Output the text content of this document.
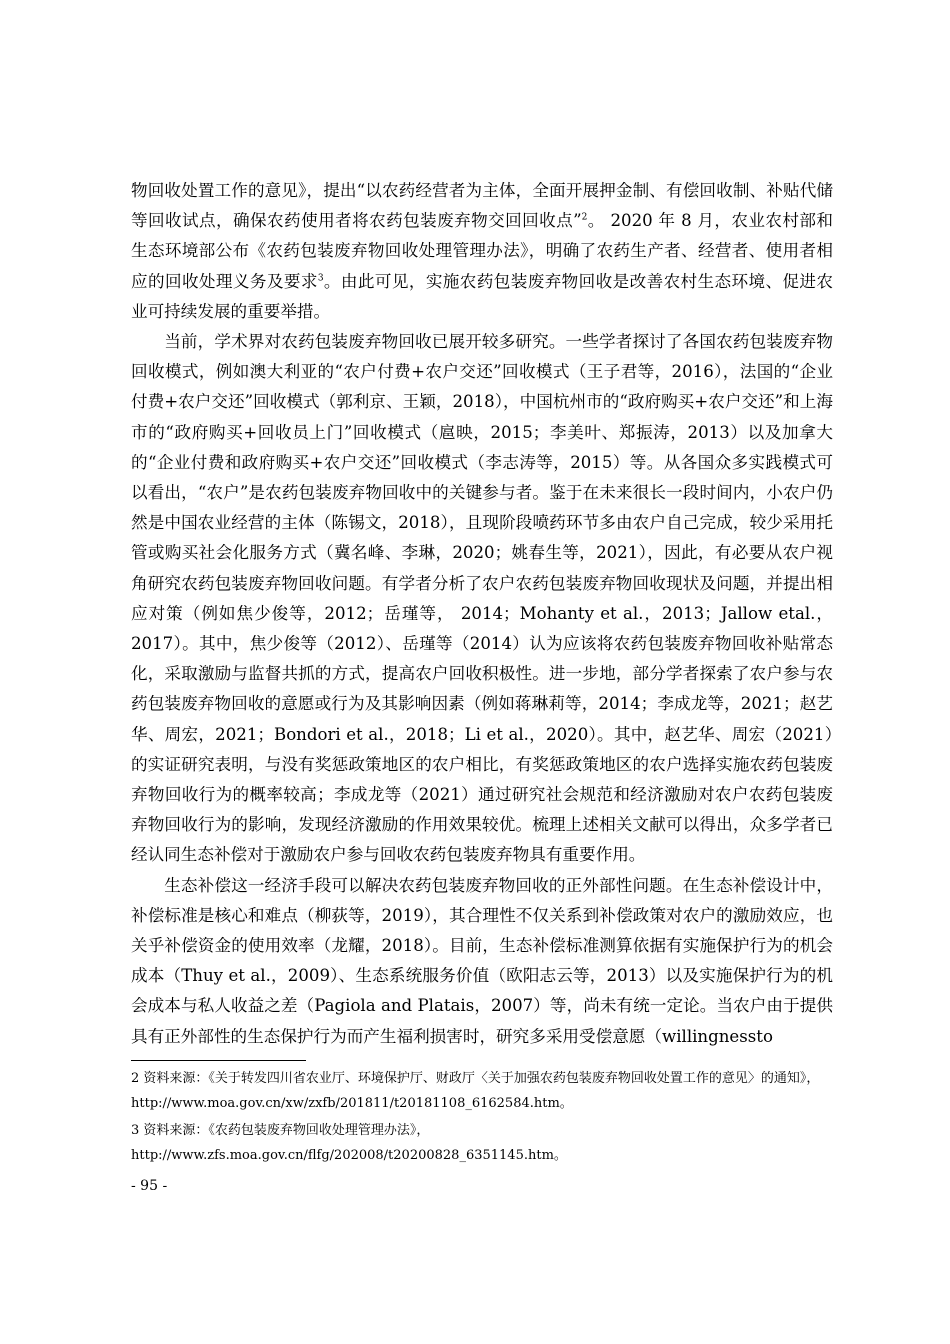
物回收处置工作的意见》，提出“以农药经营者为主体，全面开展押金制、有偿回收制、补贴代储等回收试点，确保农药使用者将农药包装废弃物交回回收点”$^2$。 2020 年 8 月，农业农村部和生态环境部公布《农药包装废弃物回收处理管理办法》，明确了农药生产者、经营者、使用者相应的回收处理义务及要求$^3$。由此可见，实施农药包装废弃物回收是改善农村生态环境、促进农业可持续发展的重要举措。

当前，学术界对农药包装废弃物回收已展开较多研究。一些学者探讨了各国农药包装废弃物回收模式，例如澳大利亚的“农户付费+农户交还”回收模式（王子君等，2016），法国的“企业付费+农户交还”回收模式（郭利京、王颖，2018），中国杭州市的“政府购买+农户交还”和上海市的“政府购买+回收员上门”回收模式（扈映，2015；李美叶、郑振涛，2013）以及加拿大的“企业付费和政府购买+农户交还”回收模式（李志涛等，2015）等。从各国众多实践模式可以看出，“农户”是农药包装废弃物回收中的关键参与者。鉴于在未来很长一段时间内，小农户仍然是中国农业经营的主体（陈锡文，2018），且现阶段喷药环节多由农户自己完成，较少采用托管或购买社会化服务方式（冀名峰、李琳，2020；姚春生等，2021），因此，有必要从农户视角研究农药包装废弃物回收问题。有学者分析了农户农药包装废弃物回收现状及问题，并提出相应对策（例如焦少俊等，2012；岳瑾等， 2014；Mohanty et al.，2013；Jallow etal.，2017）。其中，焦少俊等（2012）、岳瑾等（2014）认为应该将农药包装废弃物回收补贴常态化，采取激励与监督共抓的方式，提高农户回收积极性。进一步地，部分学者探索了农户参与农药包装废弃物回收的意愿或行为及其影响因素（例如蒋琳莉等，2014；李成龙等，2021；赵艺华、周宏，2021；Bondori et al.，2018；Li et al.，2020）。其中，赵艺华、周宏（2021）的实证研究表明，与没有奖惩政策地区的农户相比，有奖惩政策地区的农户选择实施农药包装废弃物回收行为的概率较高；李成龙等（2021）通过研究社会规范和经济激励对农户农药包装废弃物回收行为的影响，发现经济激励的作用效果较优。梳理上述相关文献可以得出，众多学者已经认同生态补偿对于激励农户参与回收农药包装废弃物具有重要作用。

生态补偿这一经济手段可以解决农药包装废弃物回收的正外部性问题。在生态补偿设计中，补偿标准是核心和难点（柳荻等，2019），其合理性不仅关系到补偿政策对农户的激励效应，也关乎补偿资金的使用效率（龙耀，2018）。目前，生态补偿标准测算依据有实施保护行为的机会成本（Thuy et al.，2009）、生态系统服务价值（欧阳志云等，2013）以及实施保护行为的机会成本与私人收益之差（Pagiola and Platais，2007）等，尚未有统一定论。当农户由于提供具有正外部性的生态保护行为而产生福利损害时，研究多采用受偿意愿（willingnessto

2 资料来源：《关于转发四川省农业厅、环境保护厅、财政厅〈关于加强农药包装废弃物回收处置工作的意见〉的通知》， http://www.moa.gov.cn/xw/zxfb/201811/t20181108_6162584.htm。

3 资料来源：《农药包装废弃物回收处理管理办法》，http://www.zfs.moa.gov.cn/flfg/202008/t20200828_6351145.htm。

- 95 -
